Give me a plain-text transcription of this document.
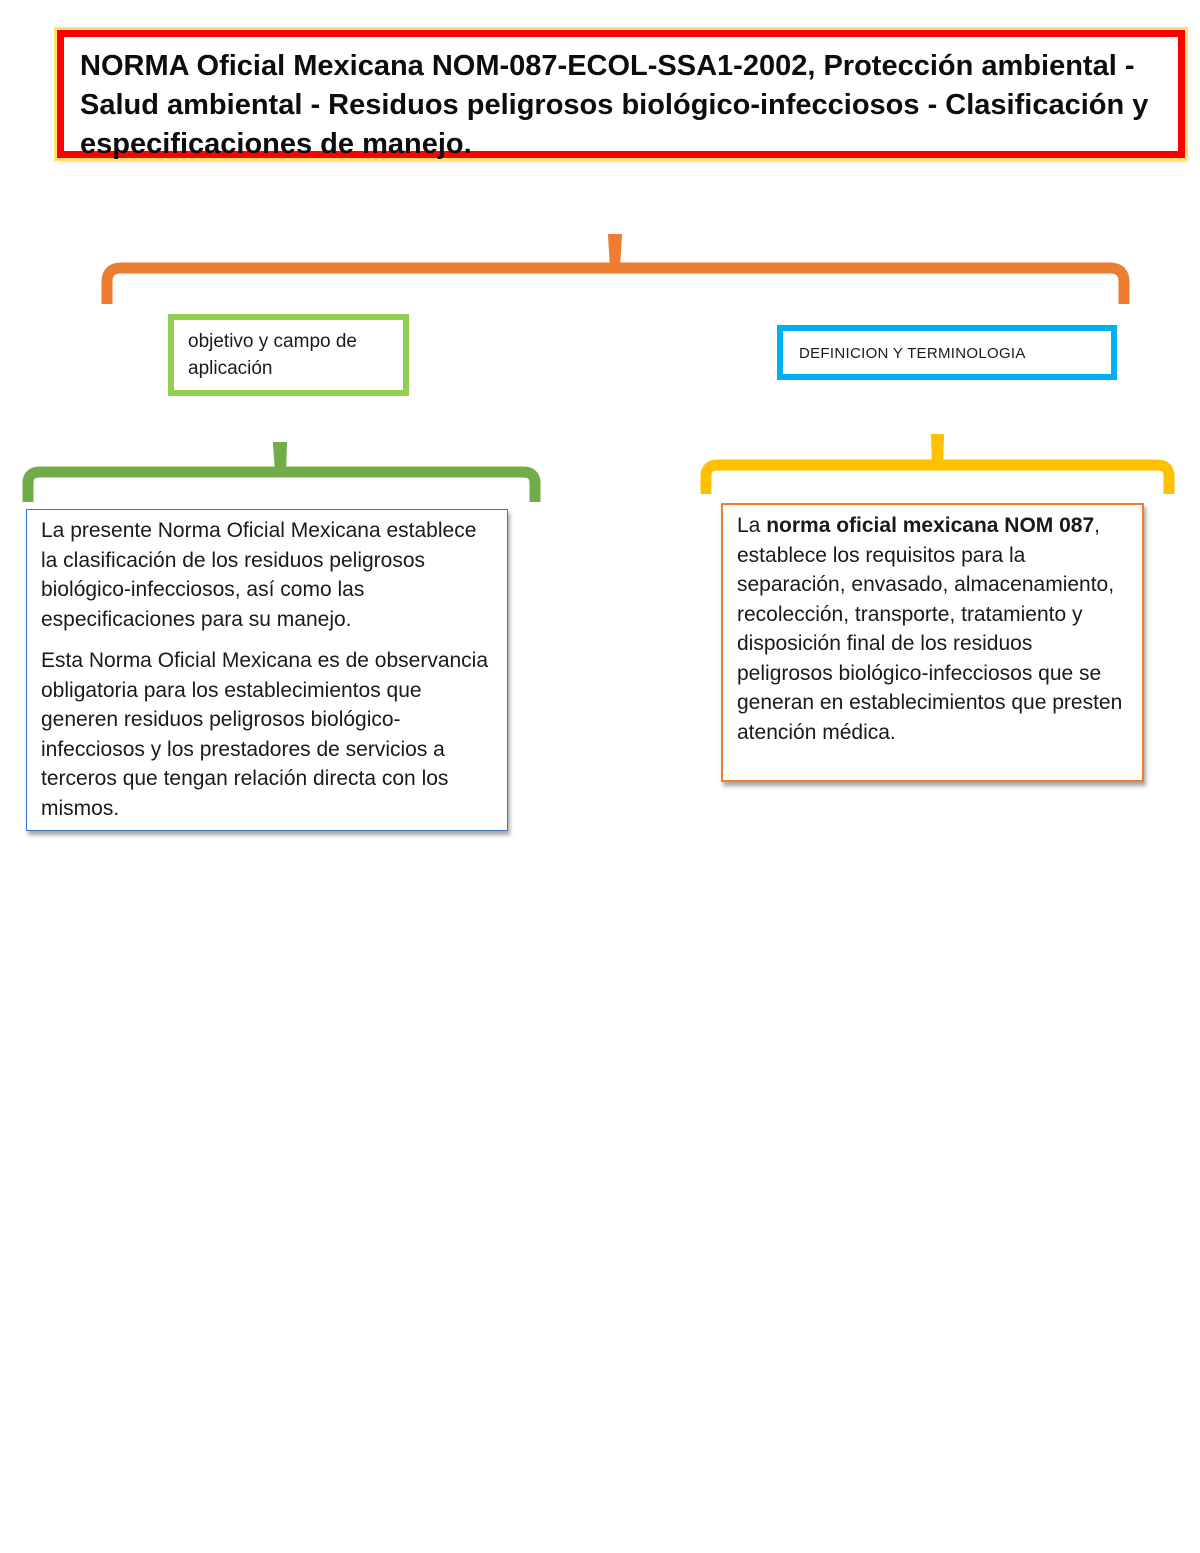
NORMA Oficial Mexicana NOM-087-ECOL-SSA1-2002, Protección ambiental - Salud ambiental - Residuos peligrosos biológico-infecciosos - Clasificación y especificaciones de manejo.

objetivo y campo de aplicación
DEFINICION Y TERMINOLOGIA

La presente Norma Oficial Mexicana establece la clasificación de los residuos peligrosos biológico-infecciosos, así como las especificaciones para su manejo.

Esta Norma Oficial Mexicana es de observancia obligatoria para los establecimientos que generen residuos peligrosos biológico-infecciosos y los prestadores de servicios a terceros que tengan relación directa con los mismos.

La norma oficial mexicana NOM 087, establece los requisitos para la separación, envasado, almacenamiento, recolección, transporte, tratamiento y disposición final de los residuos peligrosos biológico-infecciosos que se generan en establecimientos que presten atención médica.
